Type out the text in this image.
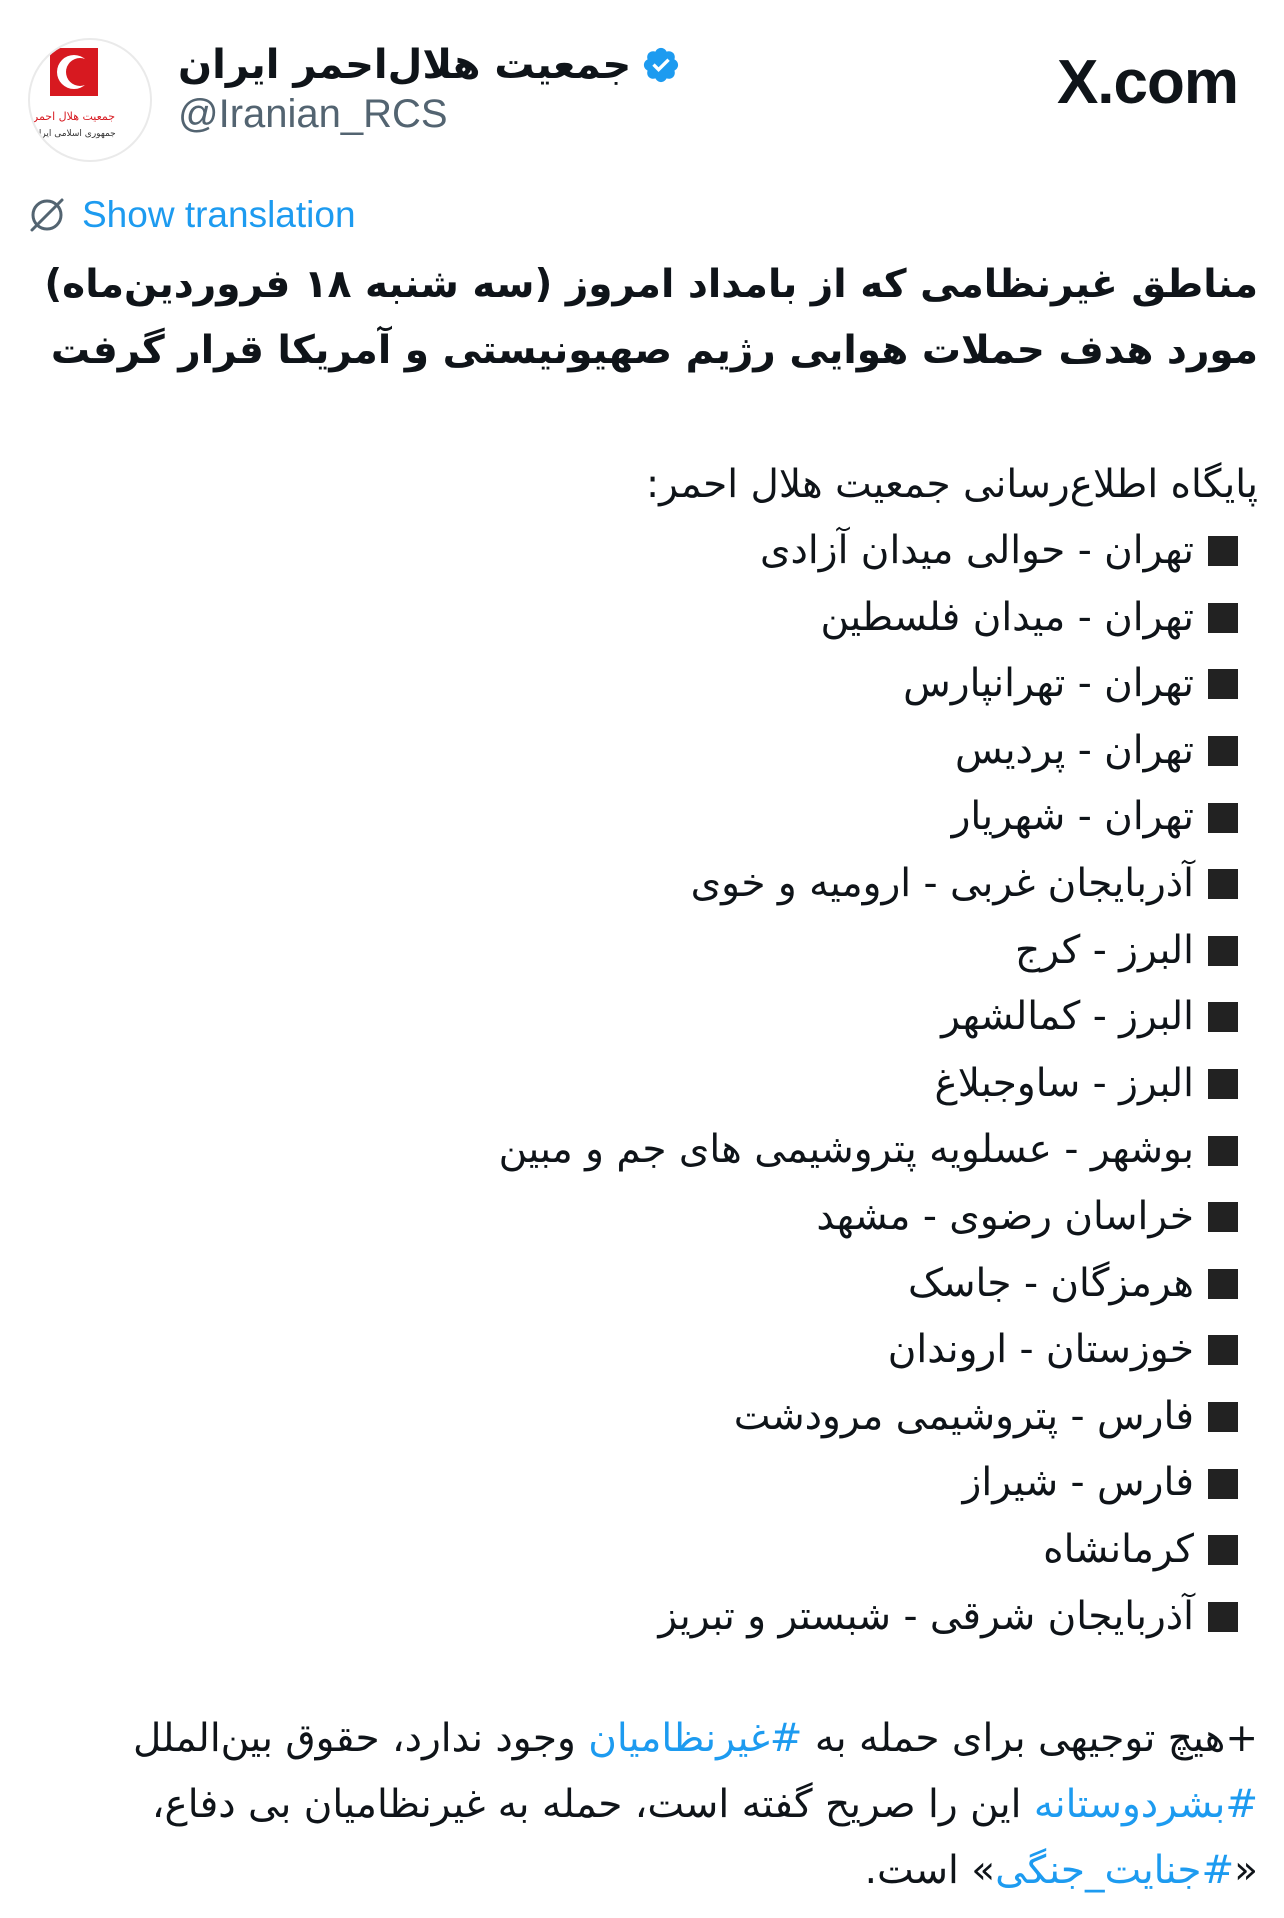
جمعیت هلال احمر
جمهوری اسلامی ایران
جمعیت هلال‌احمر ایران
@Iranian_RCS	X.com
Show translation

مناطق غیرنظامی که از بامداد امروز (سه شنبه ۱۸ فروردین‌ماه) مورد هدف حملات هوایی رژیم صهیونیستی و آمریکا قرار گرفت

پایگاه اطلاع‌رسانی جمعیت هلال احمر:

تهران - حوالی میدان آزادی
تهران - میدان فلسطین
تهران - تهرانپارس
تهران - پردیس
تهران - شهریار
آذربایجان غربی - ارومیه و خوی
البرز - کرج
البرز - کمالشهر
البرز - ساوجبلاغ
بوشهر - عسلویه پتروشیمی های جم و مبین
خراسان رضوی - مشهد
هرمزگان - جاسک
خوزستان - اروندان
فارس - پتروشیمی مرودشت
فارس - شیراز
کرمانشاه
آذربایجان شرقی - شبستر و تبریز

+هیچ توجیهی برای حمله به #غیرنظامیان وجود ندارد، حقوق بین‌الملل #بشردوستانه این را صریح گفته است، حمله به غیرنظامیان بی دفاع، «#جنایت_جنگی» است.
